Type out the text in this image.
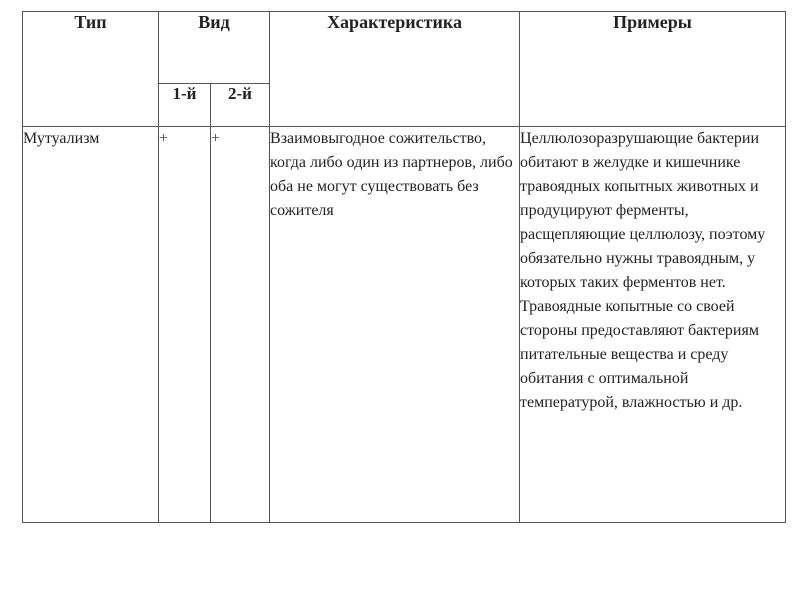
Тип	Вид		Характеристика	Примеры
	1-й	2-й		
Мутуализм	+	+	Взаимовыгодное сожительство, когда либо один из партнеров, либо оба не могут существовать без сожителя	Целлюлозоразрушающие бактерии обитают в желудке и кишечнике травоядных копытных животных и продуцируют ферменты, расщепляющие целлюлозу, поэтому обязательно нужны травоядным, у которых таких ферментов нет. Травоядные копытные со своей стороны предоставляют бактериям питательные вещества и среду обитания с оптимальной температурой, влажностью и др.
